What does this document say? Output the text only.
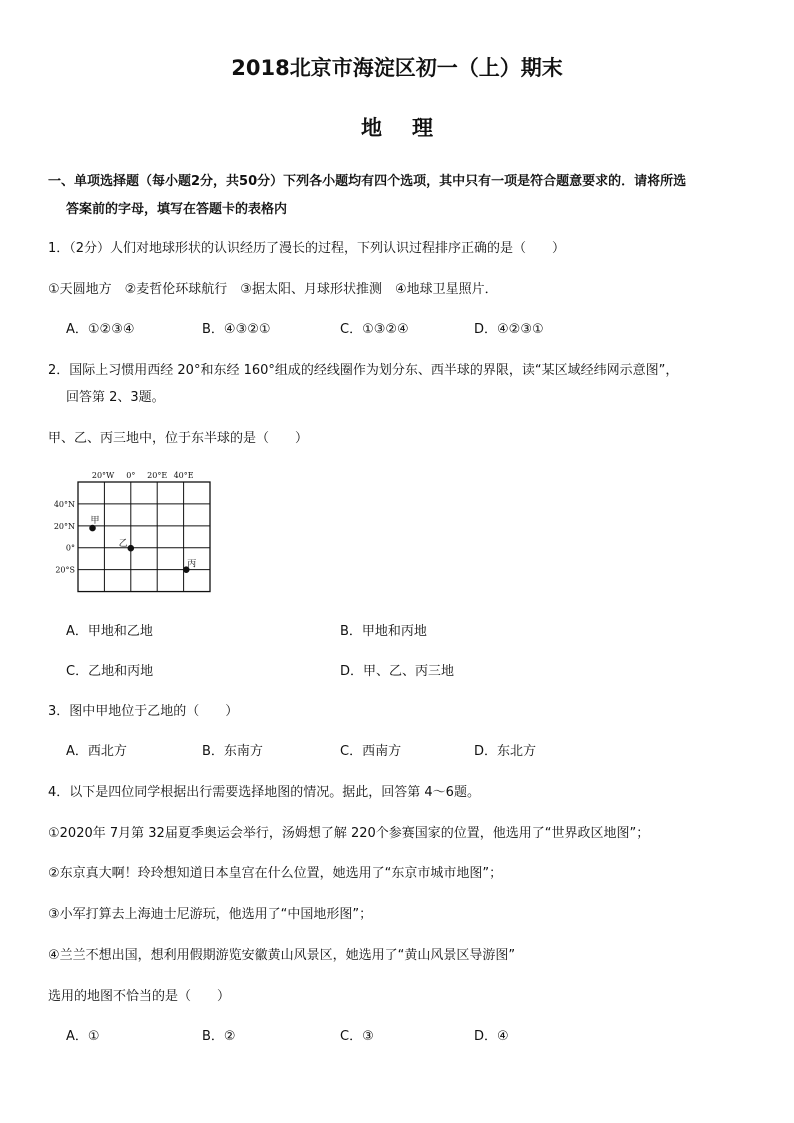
2018北京市海淀区初一（上）期末
地理
一、单项选择题（每小题2分，共50分）下列各小题均有四个选项，其中只有一项是符合题意要求的．请将所选
答案前的字母，填写在答题卡的表格内
1．（2分）人们对地球形状的认识经历了漫长的过程，下列认识过程排序正确的是（　　）
①天圆地方　②麦哲伦环球航行　③据太阳、月球形状推测　④地球卫星照片．
A．①②③④	B．④③②①	C．①③②④	D．④②③①
2．国际上习惯用西经 20°和东经 160°组成的经线圈作为划分东、西半球的界限，读“某区域经纬网示意图”，
回答第 2、3题。
甲、乙、丙三地中，位于东半球的是（　　）
20°W 0° 20°E 40°E
40°N
20°N
0°
20°S
甲
乙
丙
A．甲地和乙地	B．甲地和丙地
C．乙地和丙地	D．甲、乙、丙三地
3．图中甲地位于乙地的（　　）
A．西北方	B．东南方	C．西南方	D．东北方
4．以下是四位同学根据出行需要选择地图的情况。据此，回答第 4～6题。
①2020年 7月第 32届夏季奥运会举行，汤姆想了解 220个参赛国家的位置，他选用了“世界政区地图”；
②东京真大啊！玲玲想知道日本皇宫在什么位置，她选用了“东京市城市地图”；
③小军打算去上海迪士尼游玩，他选用了“中国地形图”；
④兰兰不想出国，想利用假期游览安徽黄山风景区，她选用了“黄山风景区导游图”
选用的地图不恰当的是（　　）
A．①	B．②	C．③	D．④
